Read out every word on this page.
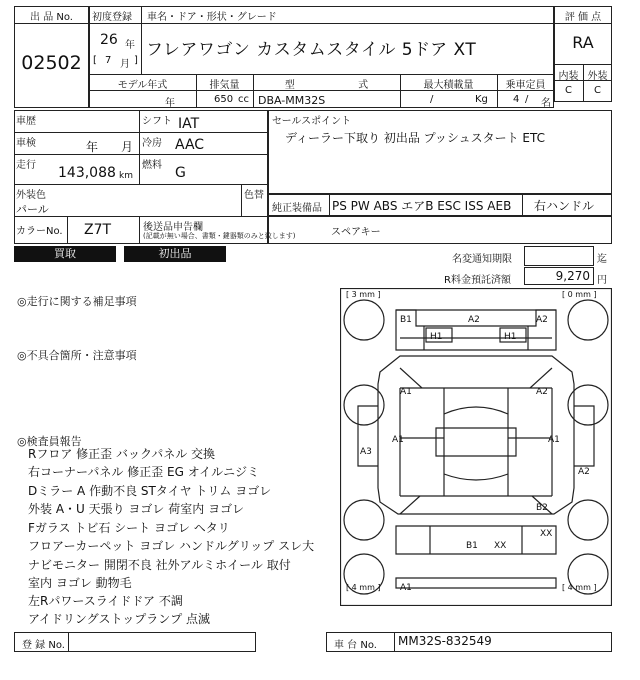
出 品 No.
02502
初度登録 車名・ドア・形状・グレード
26 年
[ 7 月 ]
フレアワゴン カスタムスタイル 5ドア XT
モデル年式	排気量	型 式	最大積載量	乗車定員
年	650 cc DBA-MM32S	/	Kg	4 / 名
評 価 点
RA
内装 外装
C	C
車歴	シフト IAT
車検	年 月 冷房 AAC
走行 143,088 km
燃料 G
外装色
パール
色替
カラーNo. Z7T	後送品申告欄
(記載が無い場合、書類・鍵器類のみと致します)
セールスポイント
ディーラー下取り 初出品 プッシュスタート ETC
純正装備品 PS PW ABS エアB ESC ISS AEB 右ハンドル
スペアキー
買取	初出品	名変通知期限	迄
R料金預託済額	9,270 円
◎走行に関する補足事項
◎不具合箇所・注意事項
◎検査員報告
Rフロア 修正歪 バックパネル 交換
右コーナーパネル 修正歪 EG オイルニジミ
Dミラー A 作動不良 STタイヤ トリム ヨゴレ
外装 A・U 天張り ヨゴレ 荷室内 ヨゴレ
Fガラス トビ石 シート ヨゴレ ヘタリ
フロアーカーペット ヨゴレ ハンドルグリップ スレ大
ナビモニター 開閉不良 社外アルミホイール 取付
室内 ヨゴレ 動物毛
左Rパワースライドドア 不調
アイドリングストップランプ 点滅
[ 3 mm ]	[ 0 mm ]
[ 4 mm ]	[ 4 mm ]
B1	A2	A2
H1	H1
A1	A2
A1	A1
A3
A2
B2
XX
B1 XX
A1
登 録 No.	車 台 No. MM32S-832549
